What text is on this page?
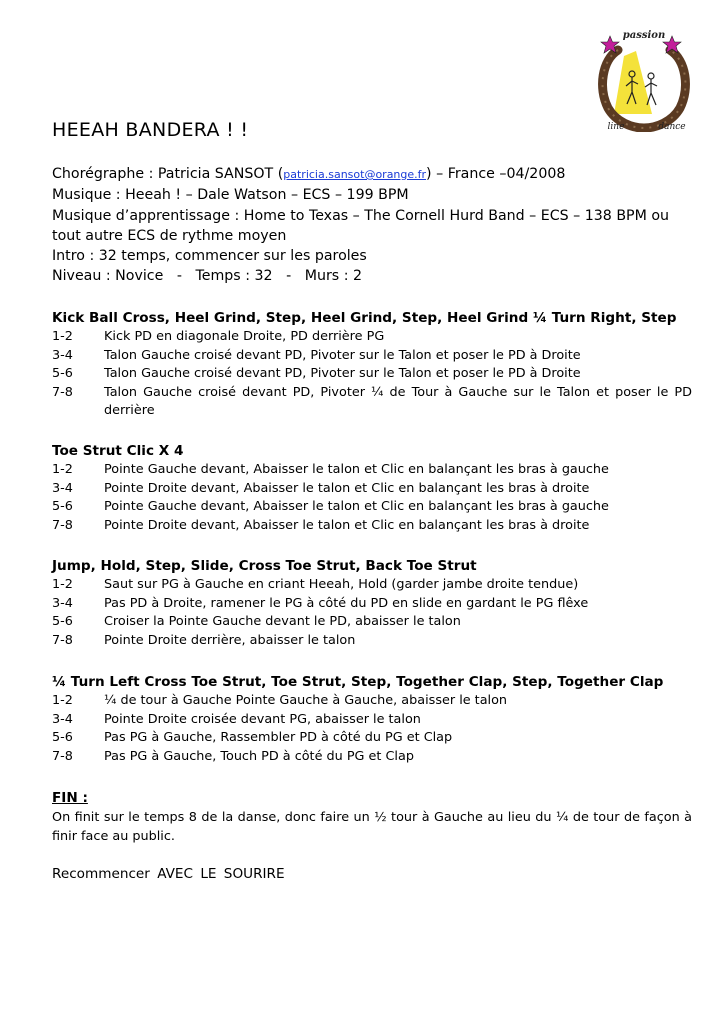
passion
line	dance
HEEAH BANDERA ! !
Chorégraphe : Patricia SANSOT (patricia.sansot@orange.fr) – France –04/2008
Musique : Heeah ! – Dale Watson – ECS – 199 BPM
Musique d’apprentissage : Home to Texas – The Cornell Hurd Band – ECS – 138 BPM ou tout autre ECS de rythme moyen
Intro : 32 temps, commencer sur les paroles
Niveau : Novice   -   Temps : 32   -   Murs : 2
Kick Ball Cross, Heel Grind, Step, Heel Grind, Step, Heel Grind ¼ Turn Right, Step
1-2	Kick PD en diagonale Droite, PD derrière PG
3-4	Talon Gauche croisé devant PD, Pivoter sur le Talon et poser le PD à Droite
5-6	Talon Gauche croisé devant PD, Pivoter sur le Talon et poser le PD à Droite
7-8	Talon Gauche croisé devant PD, Pivoter ¼ de Tour à Gauche sur le Talon et poser le PD derrière
Toe Strut Clic X 4
1-2	Pointe Gauche devant, Abaisser le talon et Clic en balançant les bras à gauche
3-4	Pointe Droite devant, Abaisser le talon et Clic en balançant les bras à droite
5-6	Pointe Gauche devant, Abaisser le talon et Clic en balançant les bras à gauche
7-8	Pointe Droite devant, Abaisser le talon et Clic en balançant les bras à droite
Jump, Hold, Step, Slide, Cross Toe Strut, Back Toe Strut
1-2	Saut sur PG à Gauche en criant Heeah, Hold (garder jambe droite tendue)
3-4	Pas PD à Droite, ramener le PG à côté du PD en slide en gardant le PG flêxe
5-6	Croiser la Pointe Gauche devant le PD, abaisser le talon
7-8	Pointe Droite derrière, abaisser le talon
¼ Turn Left Cross Toe Strut, Toe Strut, Step, Together Clap, Step, Together Clap
1-2	¼ de tour à Gauche Pointe Gauche à Gauche, abaisser le talon
3-4	Pointe Droite croisée devant PG, abaisser le talon
5-6	Pas PG à Gauche, Rassembler PD à côté du PG et Clap
7-8	Pas PG à Gauche, Touch PD à côté du PG et Clap
FIN :
On finit sur le temps 8 de la danse, donc faire un ½ tour à Gauche au lieu du ¼ de tour de façon à finir face au public.
Recommencer AVEC LE SOURIRE
